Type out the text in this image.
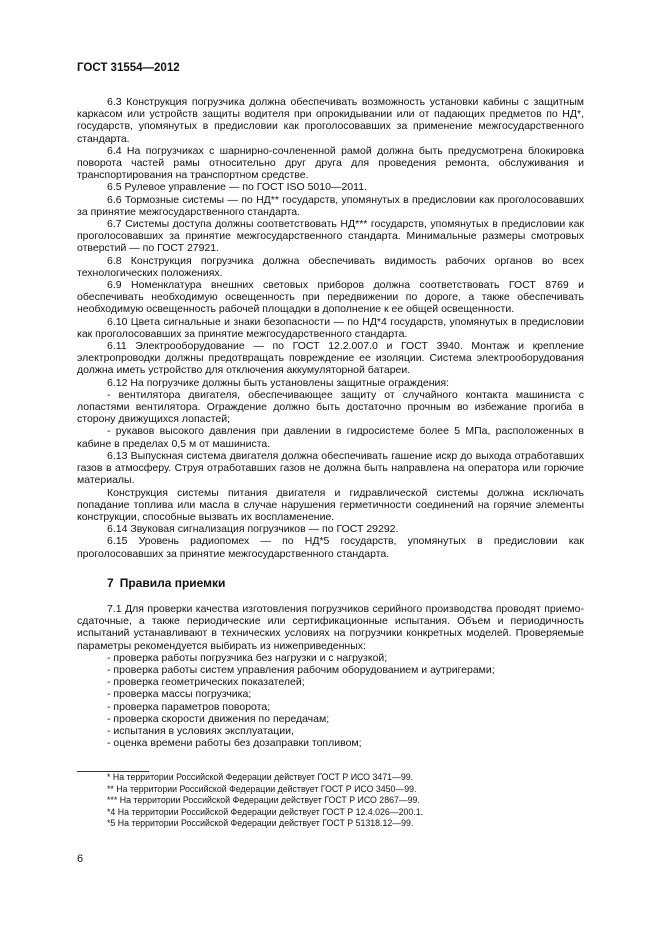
ГОСТ 31554—2012

6.3 Конструкция погрузчика должна обеспечивать возможность установки кабины с защитным каркасом или устройств защиты водителя при опрокидывании или от падающих предметов по НД*, государств, упомянутых в предисловии как проголосовавших за применение межгосударственного стандарта.

6.4 На погрузчиках с шарнирно-сочлененной рамой должна быть предусмотрена блокировка поворота частей рамы относительно друг друга для проведения ремонта, обслуживания и транспортирования на транспортном средстве.

6.5 Рулевое управление — по ГОСТ ISO 5010—2011.

6.6 Тормозные системы — по НД** государств, упомянутых в предисловии как проголосовавших за принятие межгосударственного стандарта.

6.7 Системы доступа должны соответствовать НД*** государств, упомянутых в предисловии как проголосовавших за принятие межгосударственного стандарта. Минимальные размеры смотровых отверстий — по ГОСТ 27921.

6.8 Конструкция погрузчика должна обеспечивать видимость рабочих органов во всех технологических положениях.

6.9 Номенклатура внешних световых приборов должна соответствовать ГОСТ 8769 и обеспечивать необходимую освещенность при передвижении по дороге, а также обеспечивать необходимую освещенность рабочей площадки в дополнение к ее общей освещенности.

6.10 Цвета сигнальные и знаки безопасности — по НД*4 государств, упомянутых в предисловии как проголосовавших за принятие межгосударственного стандарта.

6.11 Электрооборудование — по ГОСТ 12.2.007.0 и ГОСТ 3940. Монтаж и крепление электропроводки должны предотвращать повреждение ее изоляции. Система электрооборудования должна иметь устройство для отключения аккумуляторной батареи.

6.12 На погрузчике должны быть установлены защитные ограждения:

- вентилятора двигателя, обеспечивающее защиту от случайного контакта машиниста с лопастями вентилятора. Ограждение должно быть достаточно прочным во избежание прогиба в сторону движущихся лопастей;

- рукавов высокого давления при давлении в гидросистеме более 5 МПа, расположенных в кабине в пределах 0,5 м от машиниста.

6.13 Выпускная система двигателя должна обеспечивать гашение искр до выхода отработавших газов в атмосферу. Струя отработавших газов не должна быть направлена на оператора или горючие материалы.

Конструкция системы питания двигателя и гидравлической системы должна исключать попадание топлива или масла в случае нарушения герметичности соединений на горячие элементы конструкции, способные вызвать их воспламенение.

6.14 Звуковая сигнализация погрузчиков — по ГОСТ 29292.

6.15 Уровень радиопомех — по НД*5 государств, упомянутых в предисловии как проголосовавших за принятие межгосударственного стандарта.

7 Правила приемки

7.1 Для проверки качества изготовления погрузчиков серийного производства проводят приемо-сдаточные, а также периодические или сертификационные испытания. Объем и периодичность испытаний устанавливают в технических условиях на погрузчики конкретных моделей. Проверяемые параметры рекомендуется выбирать из нижеприведенных:

- проверка работы погрузчика без нагрузки и с нагрузкой;

- проверка работы систем управления рабочим оборудованием и аутригерами;

- проверка геометрических показателей;

- проверка массы погрузчика;

- проверка параметров поворота;

- проверка скорости движения по передачам;

- испытания в условиях эксплуатации,

- оценка времени работы без дозаправки топливом;

* На территории Российской Федерации действует ГОСТ Р ИСО 3471—99.
** На территории Российской Федерации действует ГОСТ Р ИСО 3450—99.
*** На территории Российской Федерации действует ГОСТ Р ИСО 2867—99.
*4 На территории Российской Федерации действует ГОСТ Р 12.4.026—200.1.
*5 На территории Российской Федерации действует ГОСТ Р 51318.12—99.
6
